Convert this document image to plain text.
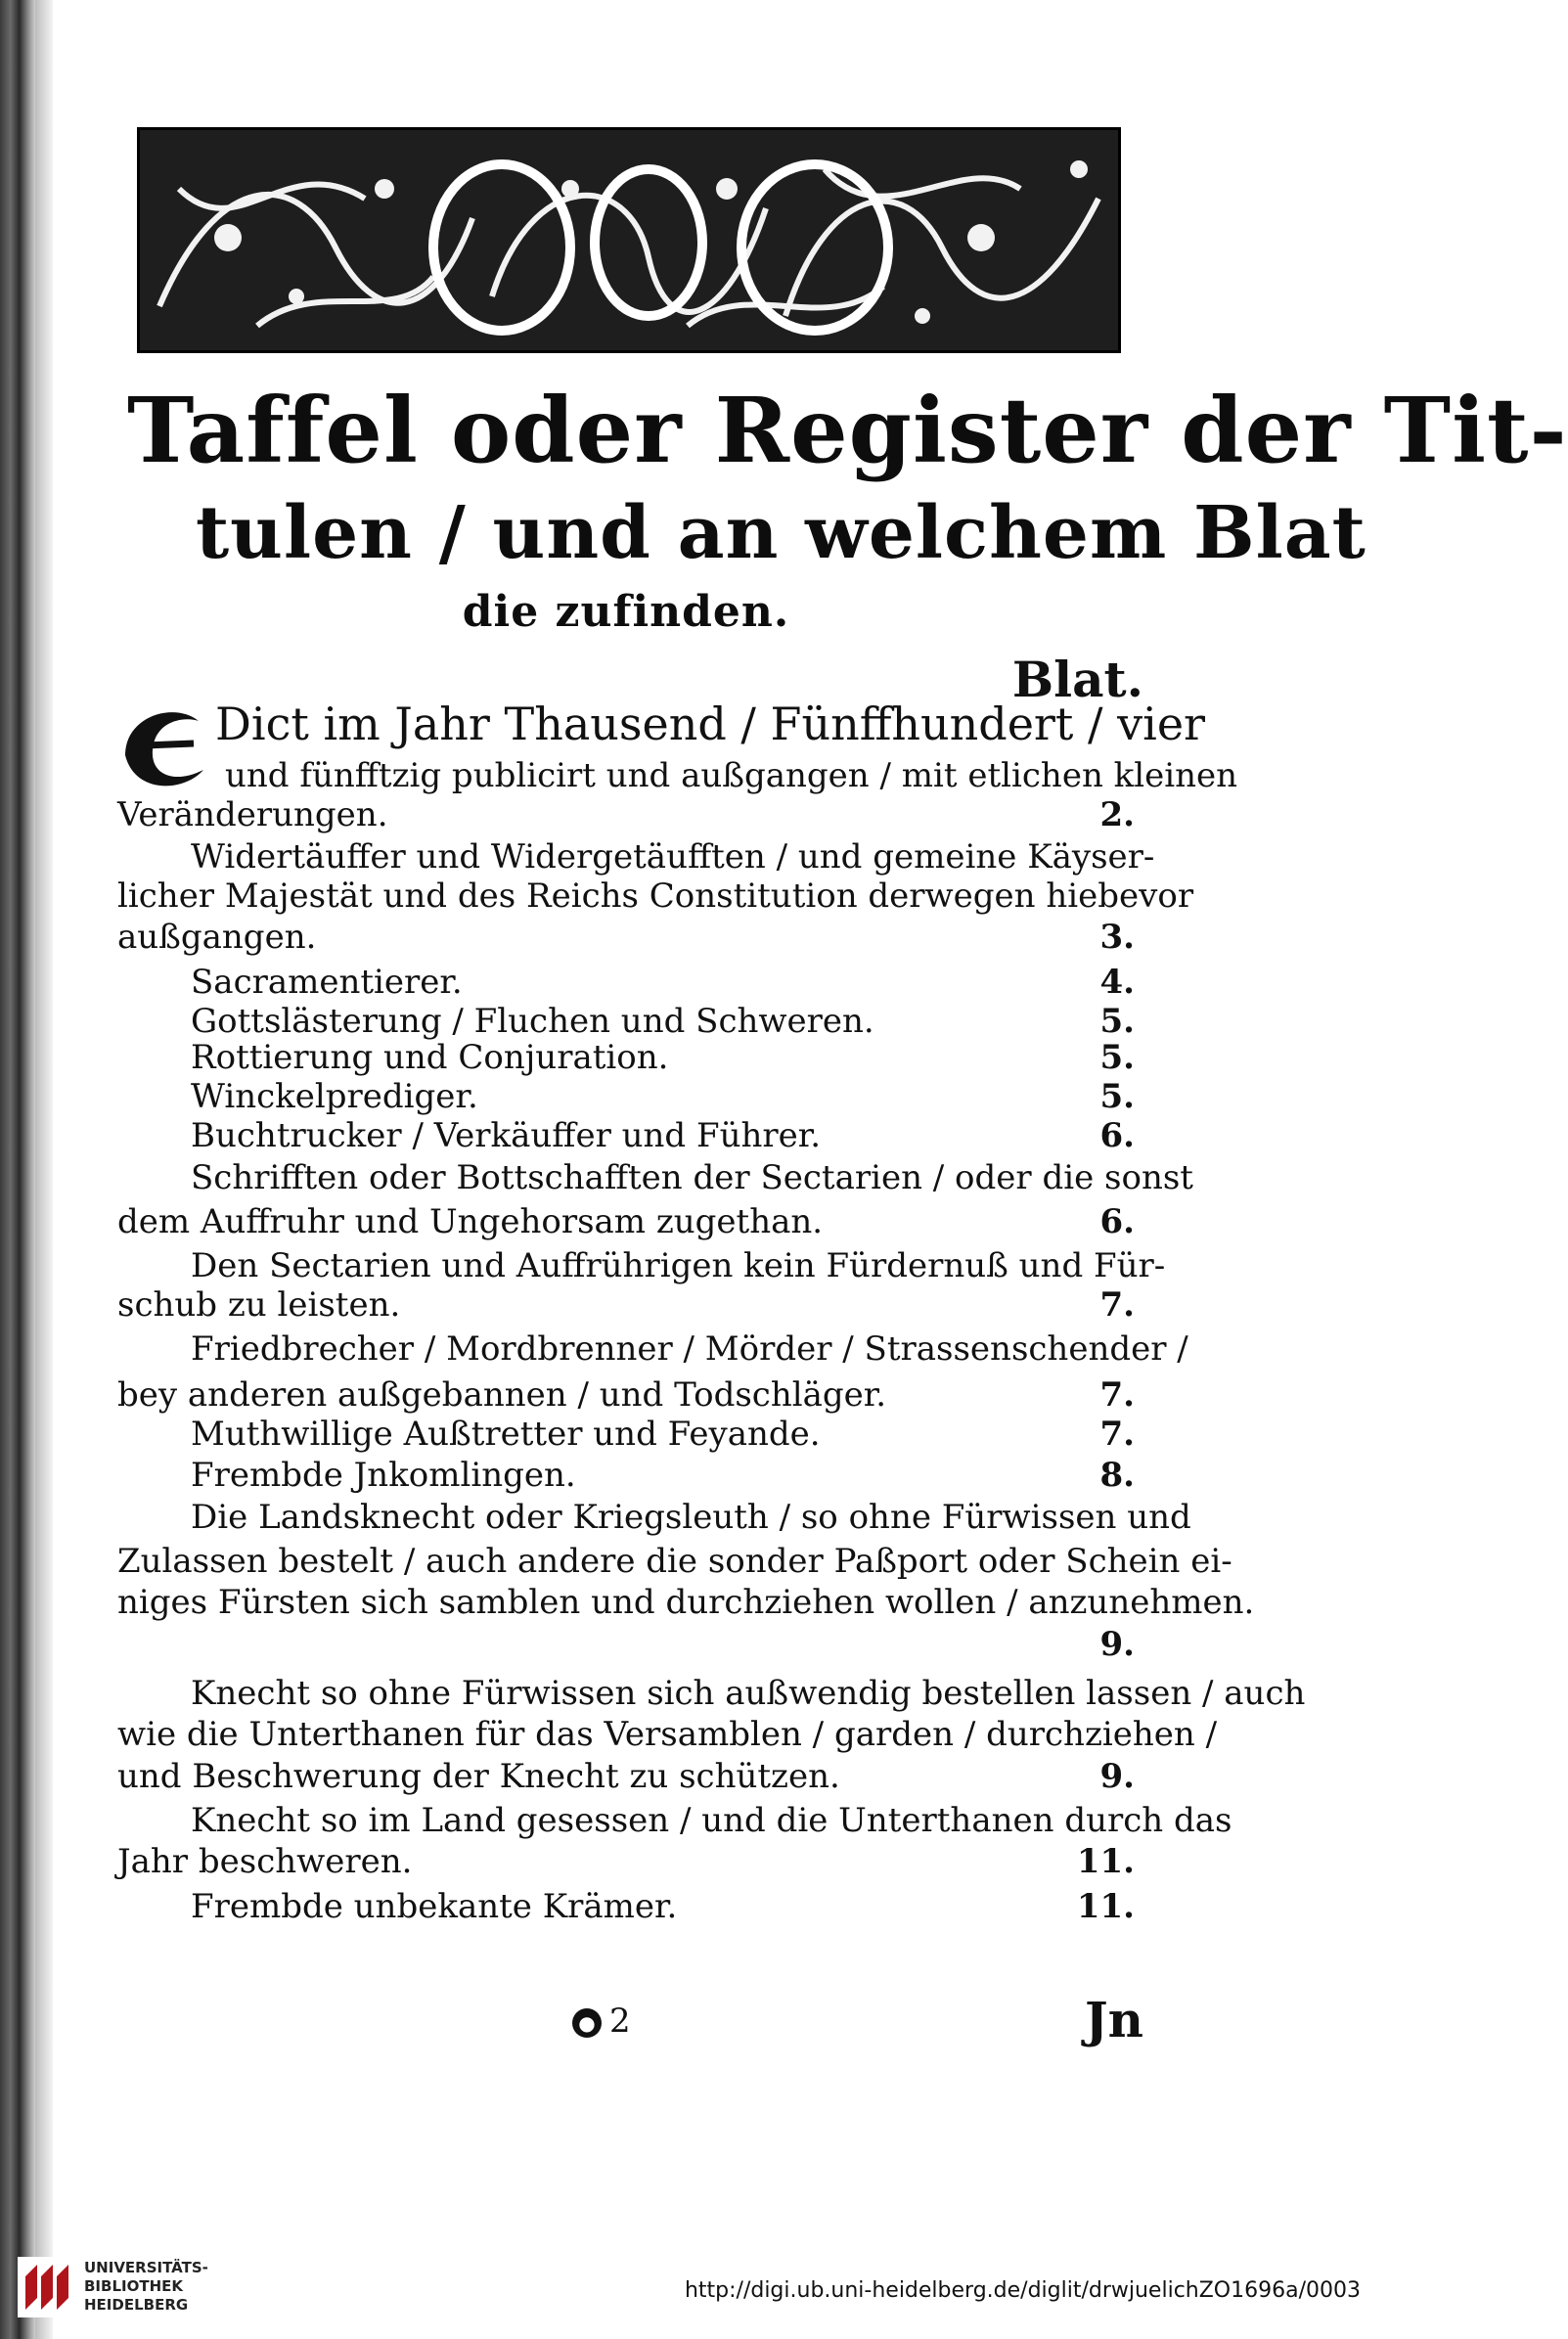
Taffel oder Register der Tit-
tulen / und an welchem Blat
die zufinden.
Blat.
Dict im Jahr Thausend / Fünffhundert / vier
und fünfftzig publicirt und außgangen / mit etlichen kleinen
Veränderungen.	2.
Widertäuffer und Widergetäufften / und gemeine Käyser-
licher Majestät und des Reichs Constitution derwegen hiebevor
außgangen.	3.
Sacramentierer.	4.
Gottslästerung / Fluchen und Schweren.	5.
Rottierung und Conjuration.	5.
Winckelprediger.	5.
Buchtrucker / Verkäuffer und Führer.	6.
Schrifften oder Bottschafften der Sectarien / oder die sonst
dem Auffruhr und Ungehorsam zugethan.	6.
Den Sectarien und Auffrührigen kein Fürdernuß und Für-
schub zu leisten.	7.
Friedbrecher / Mordbrenner / Mörder / Strassenschender /
bey anderen außgebannen / und Todschläger.	7.
Muthwillige Außtretter und Feyande.	7.
Frembde Jnkomlingen.	8.
Die Landsknecht oder Kriegsleuth / so ohne Fürwissen und
Zulassen bestelt / auch andere die sonder Paßport oder Schein ei-
niges Fürsten sich samblen und durchziehen wollen / anzunehmen.
9.
Knecht so ohne Fürwissen sich außwendig bestellen lassen / auch
wie die Unterthanen für das Versamblen / garden / durchziehen /
und Beschwerung der Knecht zu schützen.	9.
Knecht so im Land gesessen / und die Unterthanen durch das
Jahr beschweren.	11.
Frembde unbekante Krämer.	11.
● 2	Jn
UNIVERSITÄTS-
BIBLIOTHEK
HEIDELBERG
http://digi.ub.uni-heidelberg.de/diglit/drwjuelichZO1696a/0003
